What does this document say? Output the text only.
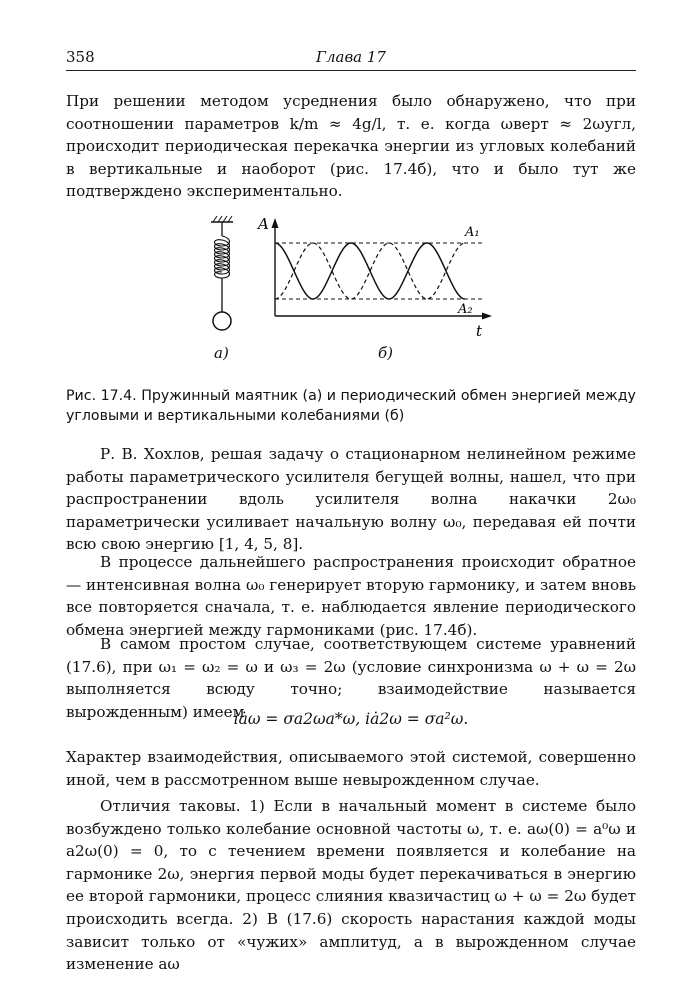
358	Глава 17

При решении методом усреднения было обнаружено, что при соотношении параметров k/m ≈ 4g/l, т. е. когда ωверт ≈ 2ωугл, происходит периодическая перекачка энергии из угловых колебаний в вертикальные и наоборот (рис. 17.4б), что и было тут же подтверждено экспериментально.

A
t
A₁
A₂
а)	б)

Рис. 17.4. Пружинный маятник (а) и периодический обмен энергией между угловыми и вертикальными колебаниями (б)

Р. В. Хохлов, решая задачу о стационарном нелинейном режиме работы параметрического усилителя бегущей волны, нашел, что при распространении вдоль усилителя волна накачки 2ω₀ параметрически усиливает начальную волну ω₀, передавая ей почти всю свою энергию [1, 4, 5, 8].

В процессе дальнейшего распространения происходит обратное — интенсивная волна ω₀ генерирует вторую гармонику, и затем вновь все повторяется сначала, т. е. наблюдается явление периодического обмена энергией между гармониками (рис. 17.4б).

В самом простом случае, соответствующем системе уравнений (17.6), при ω₁ = ω₂ = ω и ω₃ = 2ω (условие синхронизма ω + ω = 2ω выполняется всюду точно; взаимодействие называется вырожденным) имеем

iȧω = σa2ωa*ω, iȧ2ω = σa²ω.

Характер взаимодействия, описываемого этой системой, совершенно иной, чем в рассмотренном выше невырожденном случае.

Отличия таковы. 1) Если в начальный момент в системе было возбуждено только колебание основной частоты ω, т. е. aω(0) = a⁰ω и a2ω(0) = 0, то с течением времени появляется и колебание на гармонике 2ω, энергия первой моды будет перекачиваться в энергию ее второй гармоники, процесс слияния квазичастиц ω + ω = 2ω будет происходить всегда. 2) В (17.6) скорость нарастания каждой моды зависит только от «чужих» амплитуд, а в вырожденном случае изменение aω
